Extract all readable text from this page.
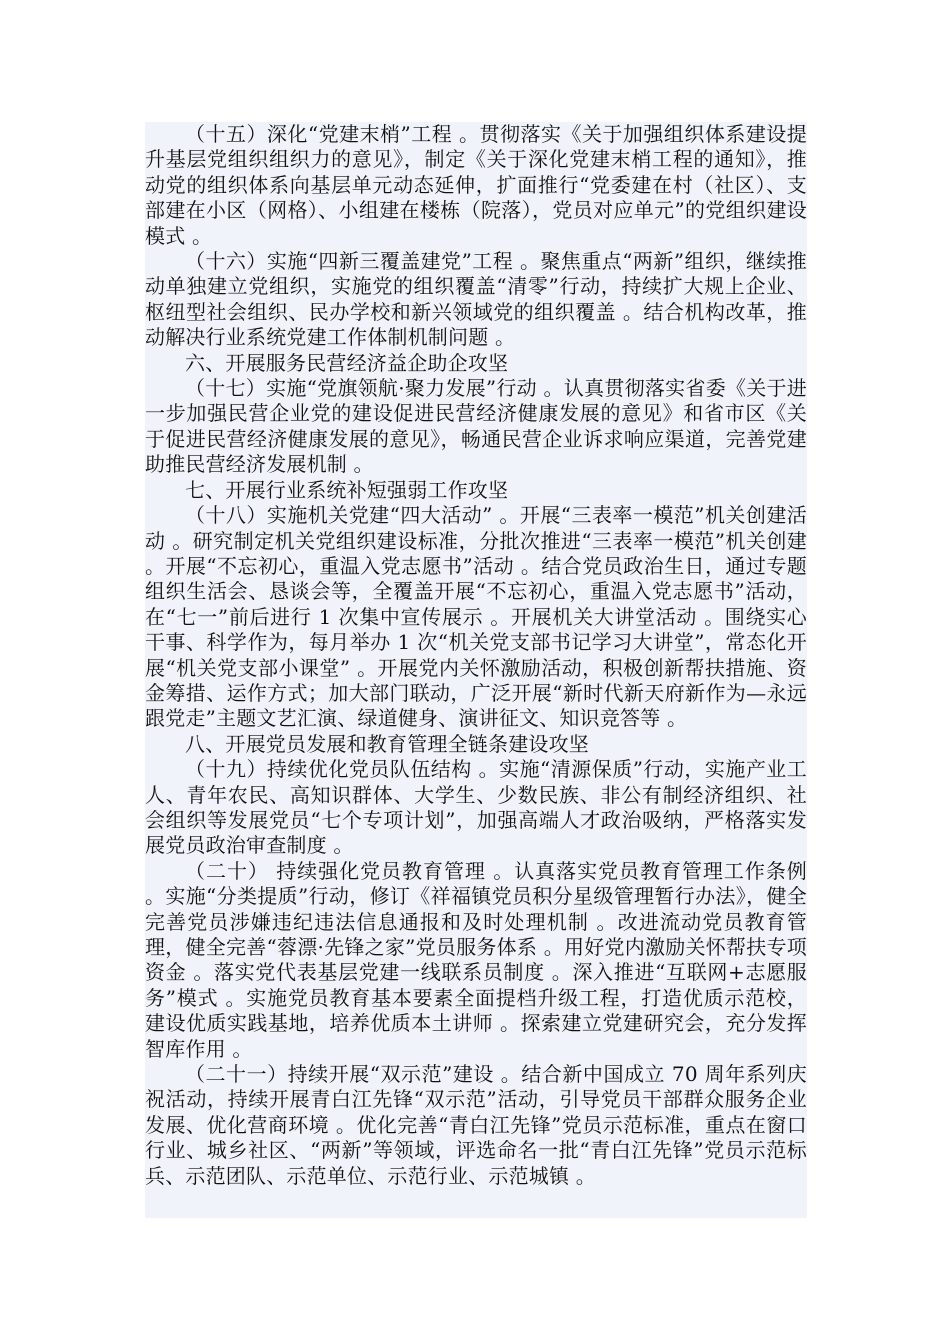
（十五）深化“党建末梢”工程 。贯彻落实《关于加强组织体系建设提升基层党组织组织力的意见》，制定《关于深化党建末梢工程的通知》，推动党的组织体系向基层单元动态延伸，扩面推行“党委建在村（社区）、支部建在小区（网格）、小组建在楼栋（院落），党员对应单元”的党组织建设模式 。

（十六）实施“四新三覆盖建党”工程 。聚焦重点“两新”组织，继续推动单独建立党组织，实施党的组织覆盖“清零”行动，持续扩大规上企业、枢纽型社会组织、民办学校和新兴领域党的组织覆盖 。结合机构改革，推动解决行业系统党建工作体制机制问题 。

六、开展服务民营经济益企助企攻坚

（十七）实施“党旗领航·聚力发展”行动 。认真贯彻落实省委《关于进一步加强民营企业党的建设促进民营经济健康发展的意见》和省市区《关于促进民营经济健康发展的意见》，畅通民营企业诉求响应渠道，完善党建助推民营经济发展机制 。

七、开展行业系统补短强弱工作攻坚

（十八）实施机关党建“四大活动” 。开展“三表率一模范”机关创建活动 。研究制定机关党组织建设标准，分批次推进“三表率一模范”机关创建 。开展“不忘初心，重温入党志愿书”活动 。结合党员政治生日，通过专题组织生活会、恳谈会等，全覆盖开展“不忘初心，重温入党志愿书”活动，在“七一”前后进行 1 次集中宣传展示 。开展机关大讲堂活动 。围绕实心干事、科学作为，每月举办 1 次“机关党支部书记学习大讲堂”，常态化开展“机关党支部小课堂” 。开展党内关怀激励活动，积极创新帮扶措施、资金筹措、运作方式；加大部门联动，广泛开展“新时代新天府新作为—永远跟党走”主题文艺汇演、绿道健身、演讲征文、知识竞答等 。

八、开展党员发展和教育管理全链条建设攻坚

（十九）持续优化党员队伍结构 。实施“清源保质”行动，实施产业工人、青年农民、高知识群体、大学生、少数民族、非公有制经济组织、社会组织等发展党员“七个专项计划”，加强高端人才政治吸纳，严格落实发展党员政治审查制度 。

（二十） 持续强化党员教育管理 。认真落实党员教育管理工作条例 。实施“分类提质”行动，修订《祥福镇党员积分星级管理暂行办法》，健全完善党员涉嫌违纪违法信息通报和及时处理机制 。改进流动党员教育管理，健全完善“蓉漂·先锋之家”党员服务体系 。用好党内激励关怀帮扶专项资金 。落实党代表基层党建一线联系员制度 。深入推进“互联网+志愿服务”模式 。实施党员教育基本要素全面提档升级工程，打造优质示范校，建设优质实践基地，培养优质本土讲师 。探索建立党建研究会，充分发挥智库作用 。

（二十一）持续开展“双示范”建设 。结合新中国成立 70 周年系列庆祝活动，持续开展青白江先锋“双示范”活动，引导党员干部群众服务企业发展、优化营商环境 。优化完善“青白江先锋”党员示范标准，重点在窗口行业、城乡社区、“两新”等领域，评选命名一批“青白江先锋”党员示范标兵、示范团队、示范单位、示范行业、示范城镇 。
